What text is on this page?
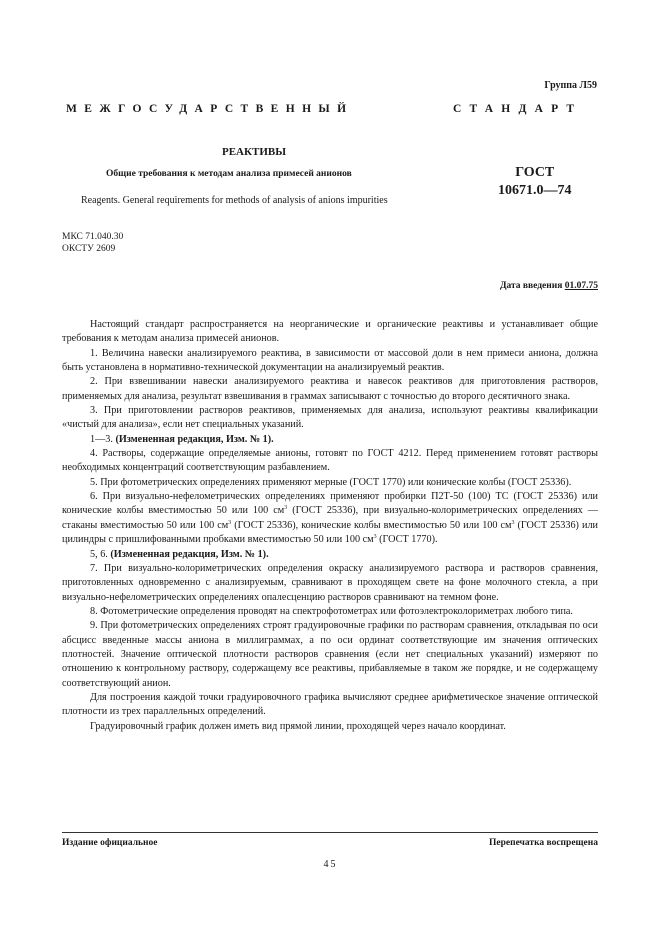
Группа Л59
МЕЖГОСУДАРСТВЕННЫЙ	СТАНДАРТ
РЕАКТИВЫ
Общие требования к методам анализа примесей анионов	ГОСТ
10671.0—74
Reagents. General requirements for methods of analysis of anions impurities
МКС 71.040.30
ОКСТУ 2609
Дата введения 01.07.75

Настоящий стандарт распространяется на неорганические и органические реактивы и устанавливает общие требования к методам анализа примесей анионов.

1. Величина навески анализируемого реактива, в зависимости от массовой доли в нем примеси аниона, должна быть установлена в нормативно-технической документации на анализируемый реактив.

2. При взвешивании навески анализируемого реактива и навесок реактивов для приготовления растворов, применяемых для анализа, результат взвешивания в граммах записывают с точностью до второго десятичного знака.

3. При приготовлении растворов реактивов, применяемых для анализа, используют реактивы квалификации «чистый для анализа», если нет специальных указаний.

1—3. (Измененная редакция, Изм. № 1).

4. Растворы, содержащие определяемые анионы, готовят по ГОСТ 4212. Перед применением готовят растворы необходимых концентраций соответствующим разбавлением.

5. При фотометрических определениях применяют мерные (ГОСТ 1770) или конические колбы (ГОСТ 25336).

6. При визуально-нефелометрических определениях применяют пробирки П2Т-50 (100) ТС (ГОСТ 25336) или конические колбы вместимостью 50 или 100 $см^3$ (ГОСТ 25336), при визуально-колориметрических определениях — стаканы вместимостью 50 или 100 $см^3$ (ГОСТ 25336), конические колбы вместимостью 50 или 100 $см^3$ (ГОСТ 25336) или цилиндры с пришлифованными пробками вместимостью 50 или 100 $см^3$ (ГОСТ 1770).

5, 6. (Измененная редакция, Изм. № 1).

7. При визуально-колориметрических определения окраску анализируемого раствора и растворов сравнения, приготовленных одновременно с анализируемым, сравнивают в проходящем свете на фоне молочного стекла, а при визуально-нефелометрических определениях опалесценцию растворов сравнивают на темном фоне.

8. Фотометрические определения проводят на спектрофотометрах или фотоэлектроколориметрах любого типа.

9. При фотометрических определениях строят градуировочные графики по растворам сравнения, откладывая по оси абсцисс введенные массы аниона в миллиграммах, а по оси ординат соответствующие им значения оптических плотностей. Значение оптической плотности растворов сравнения (если нет специальных указаний) измеряют по отношению к контрольному раствору, содержащему все реактивы, прибавляемые в таком же порядке, и не содержащему соответствующий анион.

Для построения каждой точки градуировочного графика вычисляют среднее арифметическое значение оптической плотности из трех параллельных определений.

Градуировочный график должен иметь вид прямой линии, проходящей через начало координат.

Издание официальное	Перепечатка воспрещена
45
